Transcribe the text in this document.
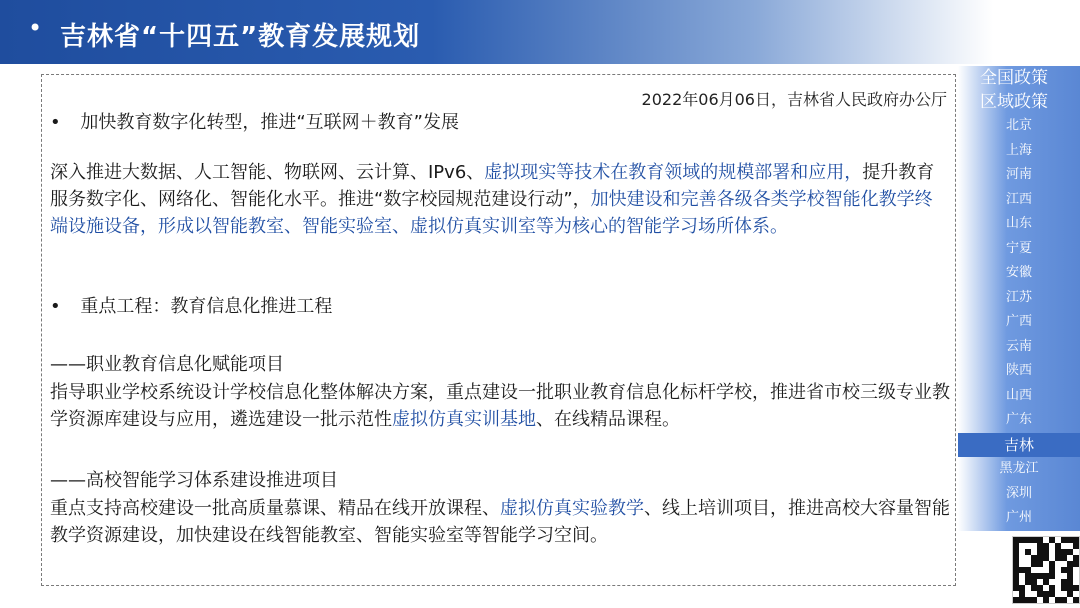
• 吉林省“十四五”教育发展规划
2022年06月06日，吉林省人民政府办公厅
• 加快教育数字化转型，推进“互联网＋教育”发展
深入推进大数据、人工智能、物联网、云计算、IPv6、虚拟现实等技术在教育领域的规模部署和应用，提升教育服务数字化、网络化、智能化水平。推进“数字校园规范建设行动”，加快建设和完善各级各类学校智能化教学终端设施设备，形成以智能教室、智能实验室、虚拟仿真实训室等为核心的智能学习场所体系。
• 重点工程：教育信息化推进工程
——职业教育信息化赋能项目
指导职业学校系统设计学校信息化整体解决方案，重点建设一批职业教育信息化标杆学校，推进省市校三级专业教学资源库建设与应用，遴选建设一批示范性虚拟仿真实训基地、在线精品课程。
——高校智能学习体系建设推进项目
重点支持高校建设一批高质量慕课、精品在线开放课程、虚拟仿真实验教学、线上培训项目，推进高校大容量智能教学资源建设，加快建设在线智能教室、智能实验室等智能学习空间。
全国政策
区域政策
北京
上海
河南
江西
山东
宁夏
安徽
江苏
广西
云南
陕西
山西
广东
吉林
黑龙江
深圳
广州
